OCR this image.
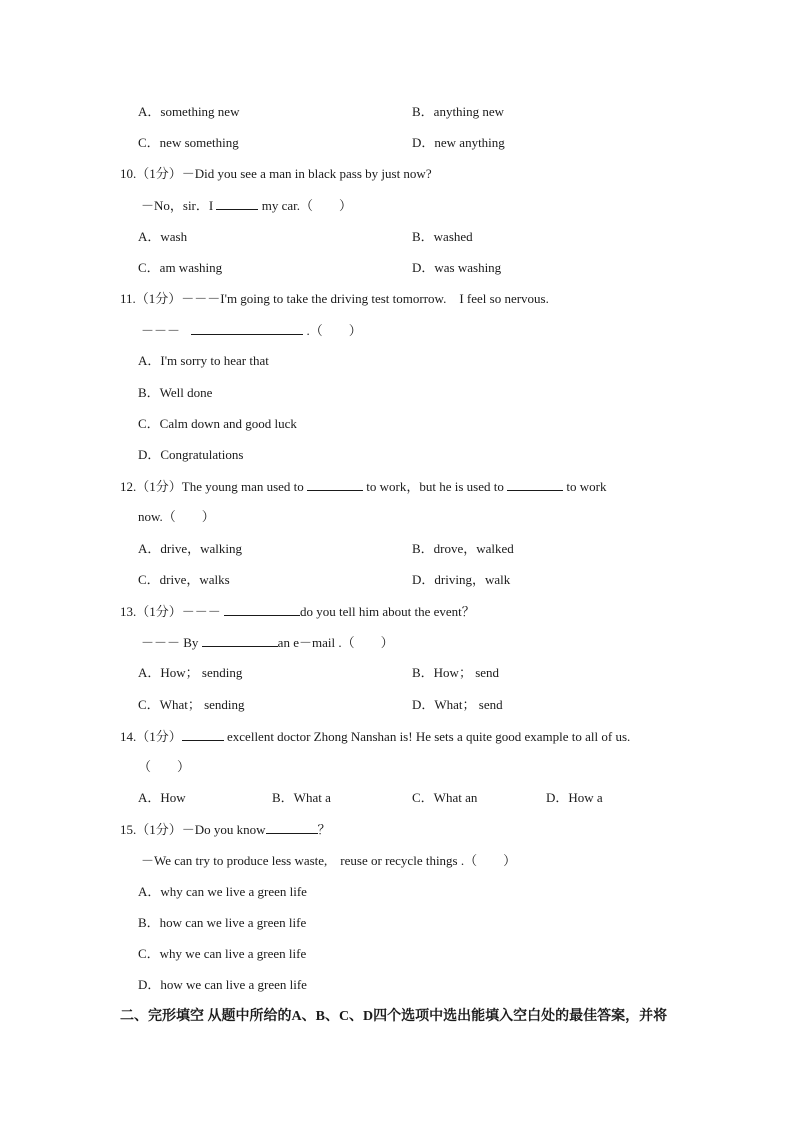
A．something new	B．anything new
C．new something	D．new anything
10.（1分）－Did you see a man in black pass by just now?
－No，sir．I	my car.（　　）
A．wash	B．washed
C．am washing	D．was washing
11.（1分）－－－I'm going to take the driving test tomorrow.　I feel so nervous.
－－－	.（　　）
A．I'm sorry to hear that
B．Well done
C．Calm down and good luck
D．Congratulations
12.（1分）The young man used to	to work，but he is used to	to work
now.（　　）
A．drive，walking	B．drove，walked
C．drive，walks	D．driving，walk
13.（1分）－－－	do you tell him about the event？
－－－ By	an e－mail .（　　）
A．How； sending	B．How； send
C．What； sending	D．What； send
14.（1分）	excellent doctor Zhong Nanshan is! He sets a quite good example to all of us.
（　　）
A．How	B．What a	C．What an	D．How a
15.（1分）－Do you know	？
－We can try to produce less waste,　reuse or recycle things .（　　）
A．why can we live a green life
B．how can we live a green life
C．why we can live a green life
D．how we can live a green life
二、完形填空 从题中所给的A、B、C、D四个选项中选出能填入空白处的最佳答案，并将
